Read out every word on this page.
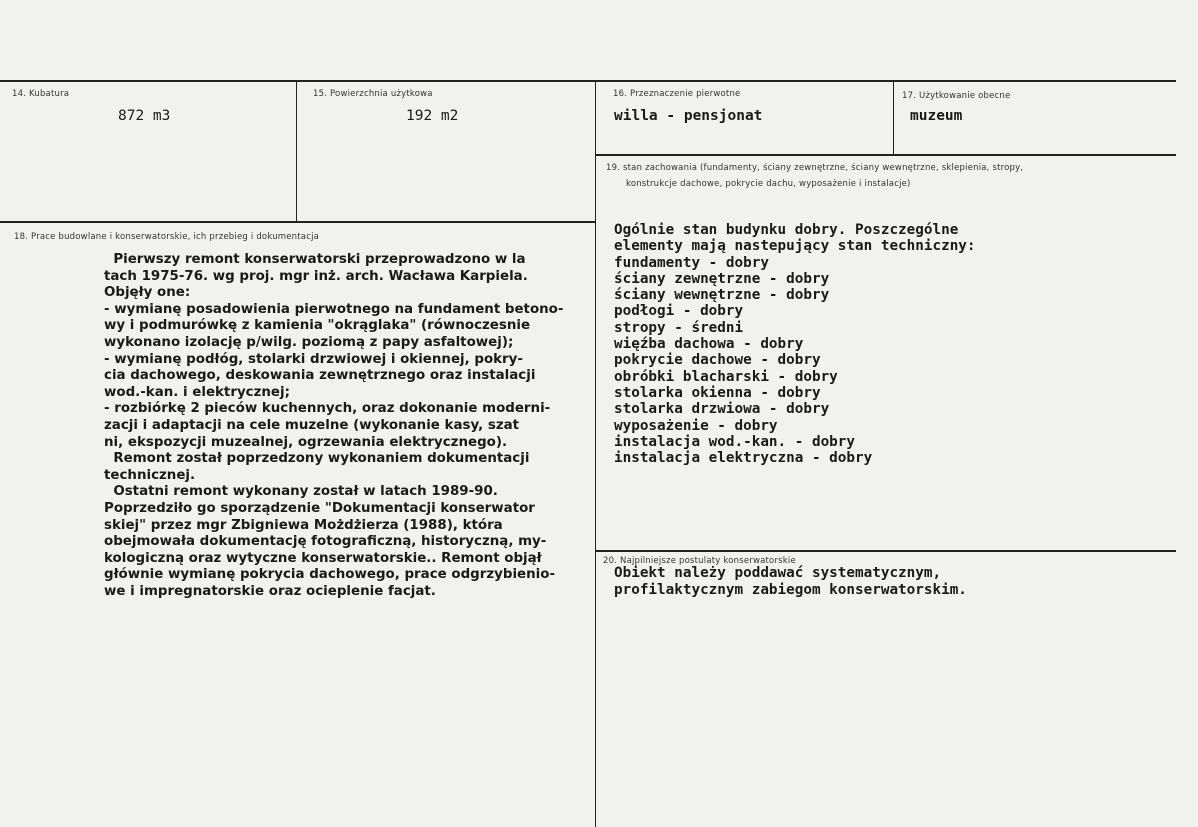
14. Kubatura
872 m3
15. Powierzchnia użytkowa
192 m2
16. Przeznaczenie pierwotne
willa - pensjonat
17. Użytkowanie obecne
muzeum
18. Prace budowlane i konserwatorskie, ich przebieg i dokumentacja
Pierwszy remont konserwatorski przeprowadzono w la
tach 1975-76. wg proj. mgr inż. arch. Wacława Karpiela.
Objęły one:
- wymianę posadowienia pierwotnego na fundament betono-
wy i podmurówkę z kamienia "okrąglaka" (równoczesnie
wykonano izolację p/wilg. poziomą z papy asfaltowej);
- wymianę podłóg, stolarki drzwiowej i okiennej, pokry-
cia dachowego, deskowania zewnętrznego oraz instalacji
wod.-kan. i elektrycznej;
- rozbiórkę 2 pieców kuchennych, oraz dokonanie moderni-
zacji i adaptacji na cele muzelne (wykonanie kasy, szat
ni, ekspozycji muzealnej, ogrzewania elektrycznego).
Remont został poprzedzony wykonaniem dokumentacji
technicznej.
Ostatni remont wykonany został w latach 1989-90.
Poprzedziło go sporządzenie "Dokumentacji konserwator
skiej" przez mgr Zbigniewa Możdżierza (1988), która
obejmowała dokumentację fotograficzną, historyczną, my-
kologiczną oraz wytyczne konserwatorskie.. Remont objął
głównie wymianę pokrycia dachowego, prace odgrzybienio-
we i impregnatorskie oraz ocieplenie facjat.
19. stan zachowania (fundamenty, ściany zewnętrzne, ściany wewnętrzne, sklepienia, stropy,
konstrukcje dachowe, pokrycie dachu, wyposażenie i instalacje)
Ogólnie stan budynku dobry. Poszczególne
elementy mają nastepujący stan techniczny:
fundamenty - dobry
ściany zewnętrzne - dobry
ściany wewnętrzne - dobry
podłogi - dobry
stropy - średni
więźba dachowa - dobry
pokrycie dachowe - dobry
obróbki blacharski - dobry
stolarka okienna - dobry
stolarka drzwiowa - dobry
wyposażenie - dobry
instalacja wod.-kan. - dobry
instalacja elektryczna - dobry
20. Najpilniejsze postulaty konserwatorskie
Obiekt należy poddawać systematycznym,
profilaktycznym zabiegom konserwatorskim.
